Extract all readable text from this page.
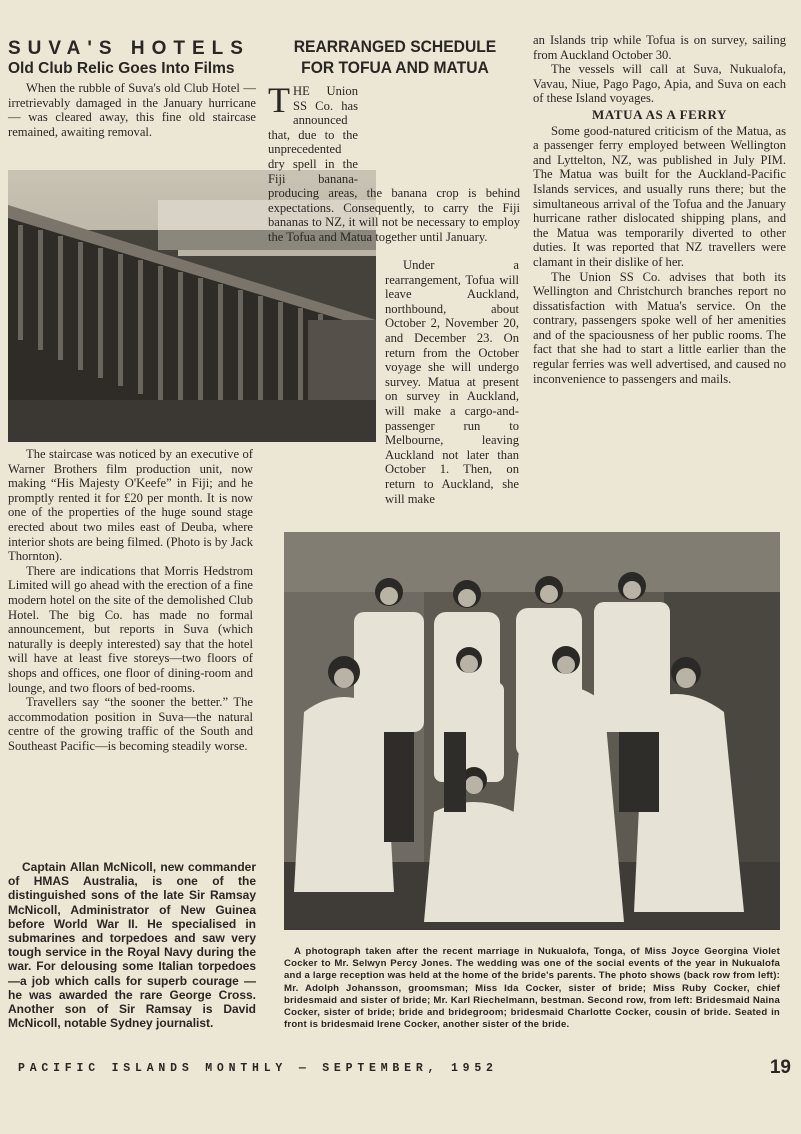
SUVA'S HOTELS
Old Club Relic Goes Into Films

When the rubble of Suva's old Club Hotel — irretrievably damaged in the January hurricane — was cleared away, this fine old staircase remained, awaiting removal.

The staircase was noticed by an executive of Warner Brothers film production unit, now making “His Majesty O'Keefe” in Fiji; and he promptly rented it for £20 per month. It is now one of the properties of the huge sound stage erected about two miles east of Deuba, where interior shots are being filmed. (Photo is by Jack Thornton).

There are indications that Morris Hedstrom Limited will go ahead with the erection of a fine modern hotel on the site of the demolished Club Hotel. The big Co. has made no formal announcement, but reports in Suva (which naturally is deeply interested) say that the hotel will have at least five storeys—two floors of shops and offices, one floor of dining-room and lounge, and two floors of bed-rooms.

Travellers say “the sooner the better.” The accommodation position in Suva—the natural centre of the growing traffic of the South and Southeast Pacific—is becoming steadily worse.

Captain Allan McNicoll, new commander of HMAS Australia, is one of the distinguished sons of the late Sir Ramsay McNicoll, Administrator of New Guinea before World War II. He specialised in submarines and torpedoes and saw very tough service in the Royal Navy during the war. For delousing some Italian torpedoes—a job which calls for superb courage —he was awarded the rare George Cross. Another son of Sir Ramsay is David McNicoll, notable Sydney journalist.

REARRANGED SCHEDULE
FOR TOFUA AND MATUA

THE Union SS Co. has announced that, due to the unprecedented dry spell in the Fiji banana-producing areas, the banana crop is behind expectations. Consequently, to carry the Fiji bananas to NZ, it will not be necessary to employ the Tofua and Matua together until January.

Under a rearrangement, Tofua will leave Auckland, northbound, about October 2, November 20, and December 23. On return from the October voyage she will undergo survey. Matua at present on survey in Auckland, will make a cargo-and-passenger run to Melbourne, leaving Auckland not later than October 1. Then, on return to Auckland, she will make

an Islands trip while Tofua is on survey, sailing from Auckland October 30.

The vessels will call at Suva, Nukualofa, Vavau, Niue, Pago Pago, Apia, and Suva on each of these Island voyages.

MATUA AS A FERRY

Some good-natured criticism of the Matua, as a passenger ferry employed between Wellington and Lyttelton, NZ, was published in July PIM. The Matua was built for the Auckland-Pacific Islands services, and usually runs there; but the simultaneous arrival of the Tofua and the January hurricane rather dislocated shipping plans, and the Matua was temporarily diverted to other duties. It was reported that NZ travellers were clamant in their dislike of her.

The Union SS Co. advises that both its Wellington and Christchurch branches report no dissatisfaction with Matua's service. On the contrary, passengers spoke well of her amenities and of the spaciousness of her public rooms. The fact that she had to start a little earlier than the regular ferries was well advertised, and caused no inconvenience to passengers and mails.

A photograph taken after the recent marriage in Nukualofa, Tonga, of Miss Joyce Georgina Violet Cocker to Mr. Selwyn Percy Jones. The wedding was one of the social events of the year in Nukualofa and a large reception was held at the home of the bride's parents. The photo shows (back row from left): Mr. Adolph Johansson, groomsman; Miss Ida Cocker, sister of bride; Miss Ruby Cocker, chief bridesmaid and sister of bride; Mr. Karl Riechelmann, bestman. Second row, from left: Bridesmaid Naina Cocker, sister of bride; bride and bridegroom; bridesmaid Charlotte Cocker, cousin of bride. Seated in front is bridesmaid Irene Cocker, another sister of the bride.

PACIFIC ISLANDS MONTHLY — SEPTEMBER, 1952	19
